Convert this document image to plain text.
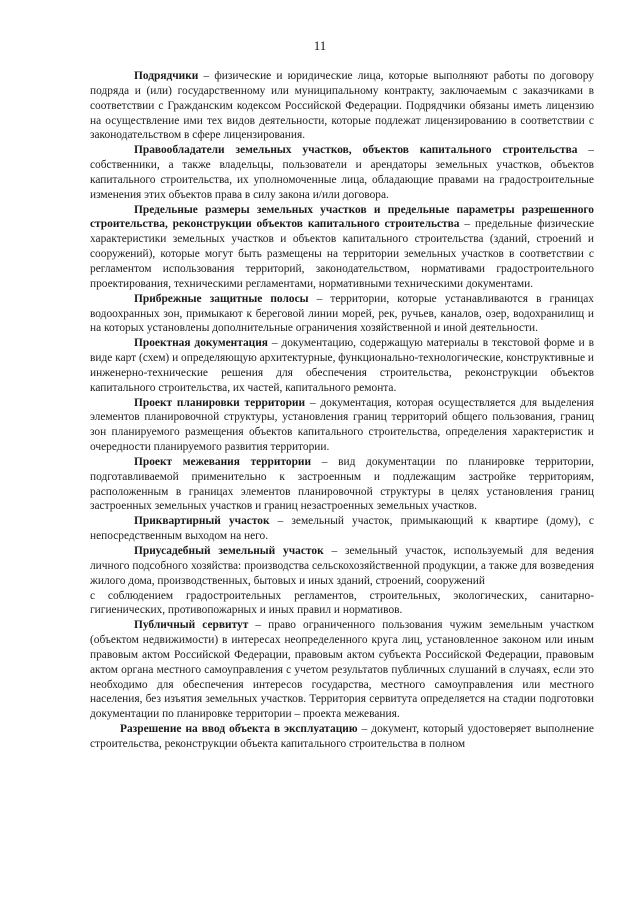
11

Подрядчики – физические и юридические лица, которые выполняют работы по договору подряда и (или) государственному или муниципальному контракту, заключаемым с заказчиками в соответствии с Гражданским кодексом Российской Федерации. Подрядчики обязаны иметь лицензию на осуществление ими тех видов деятельности, которые подлежат лицензированию в соответствии с законодательством в сфере лицензирования.

Правообладатели земельных участков, объектов капитального строительства – собственники, а также владельцы, пользователи и арендаторы земельных участков, объектов капитального строительства, их уполномоченные лица, обладающие правами на градостроительные изменения этих объектов права в силу закона и/или договора.

Предельные размеры земельных участков и предельные параметры разрешенного строительства, реконструкции объектов капитального строительства – предельные физические характеристики земельных участков и объектов капитального строительства (зданий, строений и сооружений), которые могут быть размещены на территории земельных участков в соответствии с регламентом использования территорий, законодательством, нормативами градостроительного проектирования, техническими регламентами, нормативными техническими документами.

Прибрежные защитные полосы – территории, которые устанавливаются в границах водоохранных зон, примыкают к береговой линии морей, рек, ручьев, каналов, озер, водохранилищ и на которых установлены дополнительные ограничения хозяйственной и иной деятельности.

Проектная документация – документацию, содержащую материалы в текстовой форме и в виде карт (схем) и определяющую архитектурные, функционально-технологические, конструктивные и инженерно-технические решения для обеспечения строительства, реконструкции объектов капитального строительства, их частей, капитального ремонта.

Проект планировки территории – документация, которая осуществляется для выделения элементов планировочной структуры, установления границ территорий общего пользования, границ зон планируемого размещения объектов капитального строительства, определения характеристик и очередности планируемого развития территории.

Проект межевания территории – вид документации по планировке территории, подготавливаемой применительно к застроенным и подлежащим застройке территориям, расположенным в границах элементов планировочной структуры в целях установления границ застроенных земельных участков и границ незастроенных земельных участков.

Приквартирный участок – земельный участок, примыкающий к квартире (дому), с непосредственным выходом на него.

Приусадебный земельный участок – земельный участок, используемый для ведения личного подсобного хозяйства: производства сельскохозяйственной продукции, а также для возведения жилого дома, производственных, бытовых и иных зданий, строений, сооружений

с соблюдением градостроительных регламентов, строительных, экологических, санитарно-гигиенических, противопожарных и иных правил и нормативов.

Публичный сервитут – право ограниченного пользования чужим земельным участком (объектом недвижимости) в интересах неопределенного круга лиц, установленное законом или иным правовым актом Российской Федерации, правовым актом субъекта Российской Федерации, правовым актом органа местного самоуправления с учетом результатов публичных слушаний в случаях, если это необходимо для обеспечения интересов государства, местного самоуправления или местного населения, без изъятия земельных участков. Территория сервитута определяется на стадии подготовки документации по планировке территории – проекта межевания.

Разрешение на ввод объекта в эксплуатацию – документ, который удостоверяет выполнение строительства, реконструкции объекта капитального строительства в полном
